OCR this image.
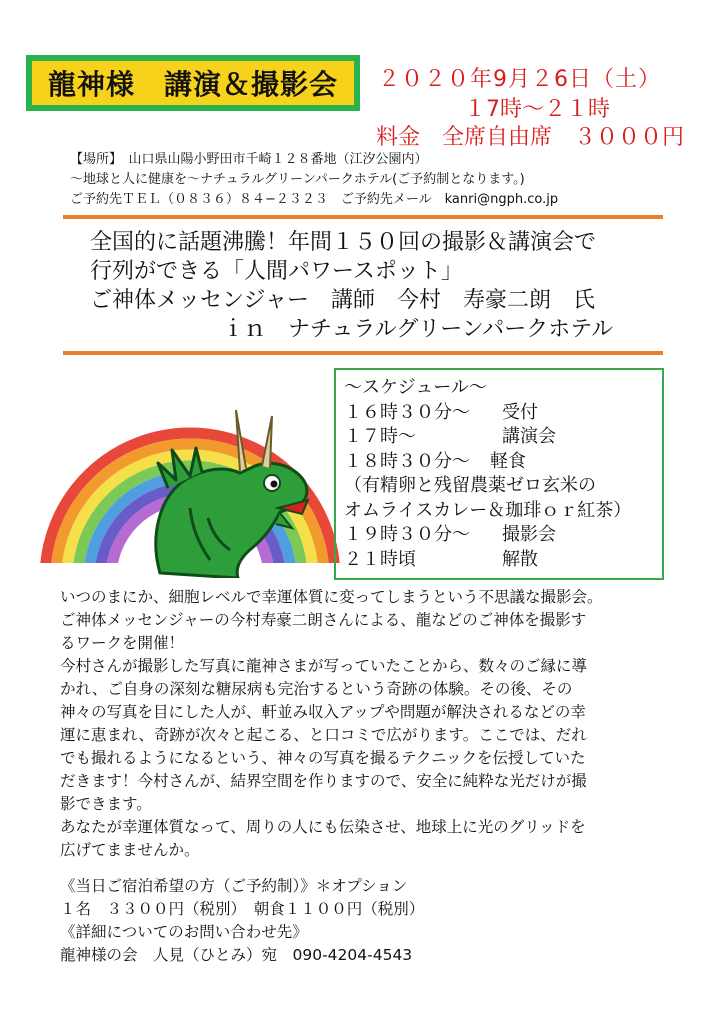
龍神様　講演＆撮影会	２０２０年9月２6日（土）
１7時〜２１時
料金　全席自由席　３０００円
【場所】　山口県山陽小野田市千崎１２８番地（江汐公園内）
〜地球と人に健康を〜ナチュラルグリーンパークホテル(ご予約制となります。)
ご予約先ＴＥＬ（０８３６）８４−２３２３　ご予約先メール　kanri@ngph.co.jp
全国的に話題沸騰！年間１５０回の撮影＆講演会で
行列ができる「人間パワースポット」
ご神体メッセンジャー　講師　今村　寿豪二朗　氏
ｉｎ　ナチュラルグリーンパークホテル
〜スケジュール〜
１６時３０分〜	受付
１７時〜	講演会
１８時３０分〜	軽食
（有精卵と残留農薬ゼロ玄米の
オムライスカレー＆珈琲ｏｒ紅茶）
１９時３０分〜	撮影会
２１時頃	解散
いつのまにか、細胞レベルで幸運体質に変ってしまうという不思議な撮影会。
ご神体メッセンジャーの今村寿豪二朗さんによる、龍などのご神体を撮影す
るワークを開催！
今村さんが撮影した写真に龍神さまが写っていたことから、数々のご縁に導
かれ、ご自身の深刻な糖尿病も完治するという奇跡の体験。その後、その
神々の写真を目にした人が、軒並み収入アップや問題が解決されるなどの幸
運に恵まれ、奇跡が次々と起こる、と口コミで広がります。ここでは、だれ
でも撮れるようになるという、神々の写真を撮るテクニックを伝授していた
だきます！今村さんが、結界空間を作りますので、安全に純粋な光だけが撮
影できます。
あなたが幸運体質なって、周りの人にも伝染させ、地球上に光のグリッドを
広げてまませんか。
《当日ご宿泊希望の方（ご予約制）》＊オプション
１名　３３００円（税別）　朝食１１００円（税別）
《詳細についてのお問い合わせ先》
龍神様の会　人見（ひとみ）宛　090-4204-4543
